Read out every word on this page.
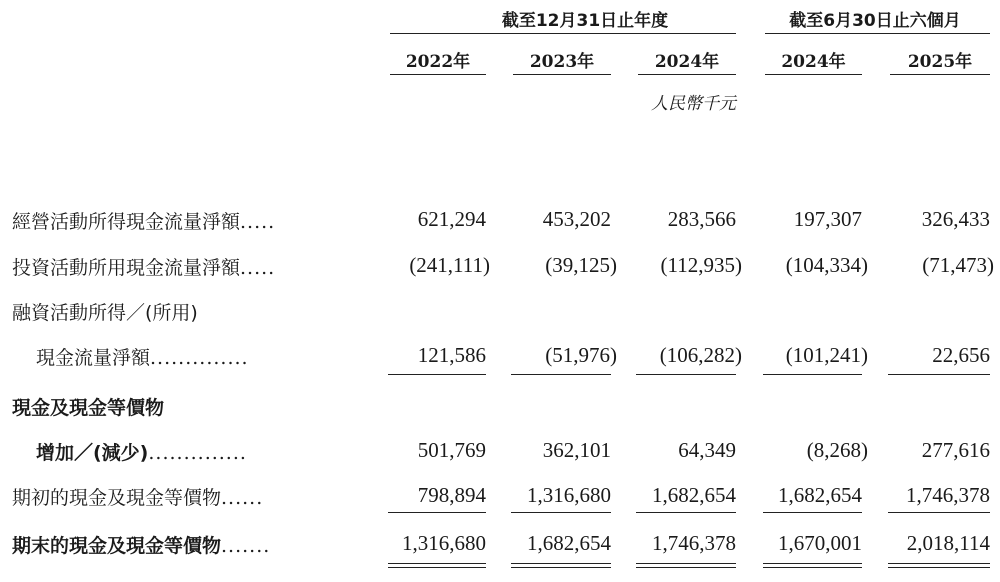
截至12月31日止年度	截至6月30日止六個月
2022年	2023年	2024年	2024年	2025年
人民幣千元
經營活動所得現金流量淨額.....	621,294	453,202	283,566	197,307	326,433
投資活動所用現金流量淨額.....	(241,111)	(39,125)	(112,935)	(104,334)	(71,473)
融資活動所得／(所用)
現金流量淨額..............	121,586	(51,976)	(106,282)	(101,241)	22,656
現金及現金等價物
增加／(減少)..............	501,769	362,101	64,349	(8,268)	277,616
期初的現金及現金等價物......	798,894	1,316,680	1,682,654	1,682,654	1,746,378
期末的現金及現金等價物.......	1,316,680	1,682,654	1,746,378	1,670,001	2,018,114
